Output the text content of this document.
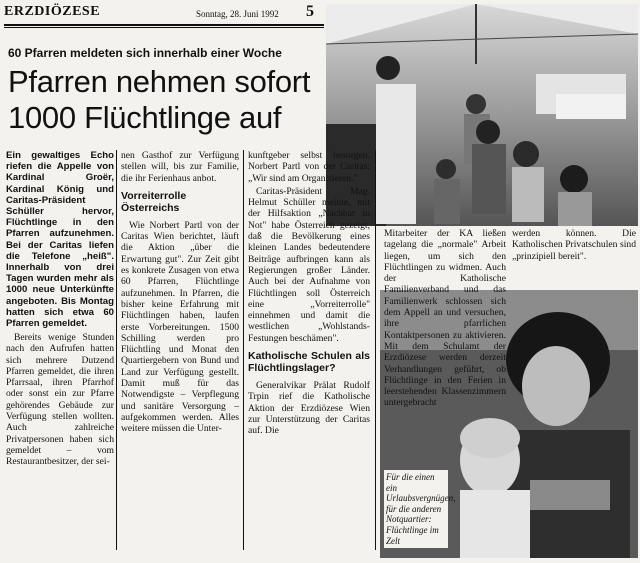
ERZDIÖZESE	Sonntag, 28. Juni 1992 5
60 Pfarren meldeten sich innerhalb einer Woche
Pfarren nehmen sofort 1000 Flüchtlinge auf
Ein gewaltiges Echo riefen die Appelle von Kardinal Groër, Kardinal König und Caritas-Präsident Schüller hervor, Flüchtlinge in den Pfarren aufzunehmen. Bei der Caritas liefen die Telefone „heiß". Innerhalb von drei Tagen wurden mehr als 1000 neue Unterkünfte angeboten. Bis Montag hatten sich etwa 60 Pfarren gemeldet.

Bereits wenige Stunden nach den Aufrufen hatten sich mehrere Dutzend Pfarren gemeldet, die ihren Pfarrsaal, ihren Pfarrhof oder sonst ein zur Pfarre gehörendes Gebäude zur Verfügung stellen wollten. Auch zahlreiche Privatpersonen haben sich gemeldet – vom Restaurantbesitzer, der sei-

nen Gasthof zur Verfügung stellen will, bis zur Familie, die ihr Ferienhaus anbot.

Vorreiterrolle Österreichs

Wie Norbert Partl von der Caritas Wien berichtet, läuft die Aktion „über die Erwartung gut". Zur Zeit gibt es konkrete Zusagen von etwa 60 Pfarren, Flüchtlinge aufzunehmen. In Pfarren, die bisher keine Erfahrung mit Flüchtlingen haben, laufen erste Vorbereitungen. 1500 Schilling werden pro Flüchtling und Monat den Quartiergebern von Bund und Land zur Verfügung gestellt. Damit muß für das Notwendigste – Verpflegung und sanitäre Versorgung – aufgekommen werden. Alles weitere müssen die Unter-

kunftgeber selbst besorgen. Norbert Partl von der Caritas: „Wir sind am Organisieren."

Caritas-Präsident Mag. Helmut Schüller meinte, mit der Hilfsaktion „Nachbar in Not" habe Österreich gezeigt, daß die Bevölkerung eines kleinen Landes bedeutendere Beiträge aufbringen kann als Regierungen großer Länder. Auch bei der Aufnahme von Flüchtlingen soll Österreich eine „Vorreiterrolle" einnehmen und damit die westlichen „Wohlstands-Festungen beschämen".

Katholische Schulen als Flüchtlingslager?

Generalvikar Prälat Rudolf Trpin rief die Katholische Aktion der Erzdiözese Wien zur Unterstützung der Caritas auf. Die

Mitarbeiter der KA ließen tagelang die „normale" Arbeit liegen, um sich den Flüchtlingen zu widmen. Auch der Katholische Familienverband und das Familienwerk schlossen sich dem Appell an und versuchen, ihre pfarrlichen Kontaktpersonen zu aktivieren. Mit dem Schulamt der Erzdiözese werden derzeit Verhandlungen geführt, ob Flüchtlinge in den Ferien in leerstehenden Klassenzimmern untergebracht

werden können. Die Katholischen Privatschulen sind „prinzipiell bereit".

Für die einen ein Urlaubsvergnügen, für die anderen Notquartier: Flüchtlinge im Zelt
